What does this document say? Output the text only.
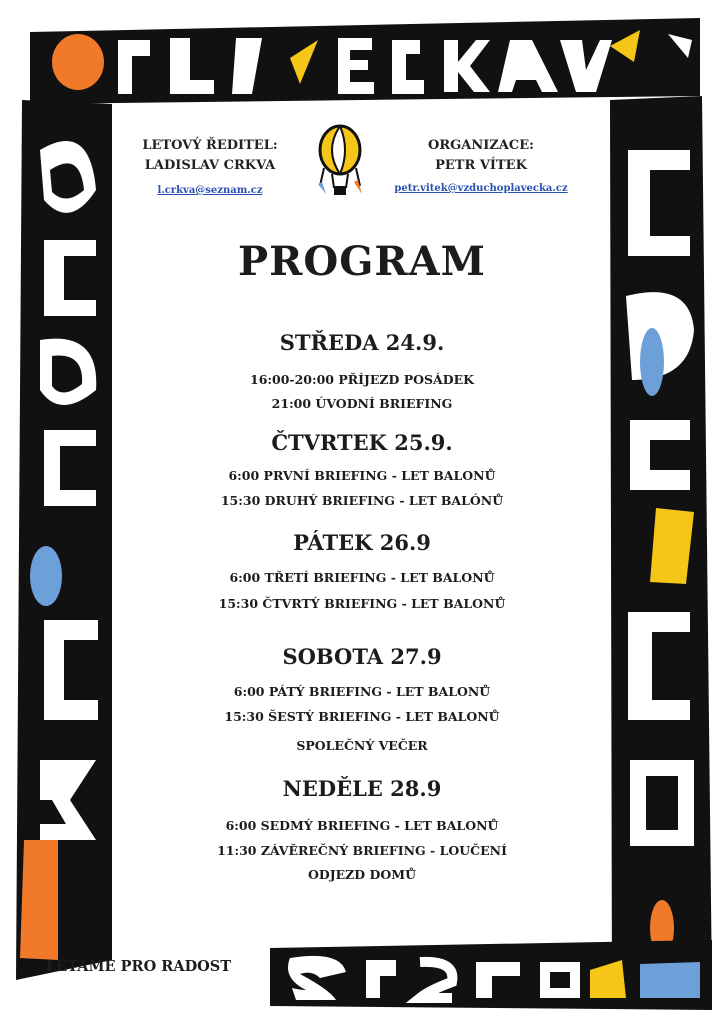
LETOVÝ ŘEDITEL:
LADISLAV CRKVA
l.crkva@seznam.cz
ORGANIZACE:
PETR VÍTEK
petr.vitek@vzduchoplavecka.cz
PROGRAM
STŘEDA 24.9.
16:00-20:00 PŘÍJEZD POSÁDEK
21:00 ÚVODNÍ BRIEFING
ČTVRTEK 25.9.
6:00 PRVNÍ BRIEFING - LET BALONŮ
15:30 DRUHÝ BRIEFING - LET BALÓNŮ
PÁTEK 26.9
6:00 TŘETÍ BRIEFING - LET BALONŮ
15:30 ČTVRTÝ BRIEFING - LET BALONŮ
SOBOTA 27.9
6:00 PÁTÝ BRIEFING - LET BALONŮ
15:30 ŠESTÝ BRIEFING - LET BALONŮ
SPOLEČNÝ VEČER
NEDĚLE 28.9
6:00 SEDMÝ BRIEFING - LET BALONŮ
11:30 ZÁVĚREČNÝ BRIEFING - LOUČENÍ
ODJEZD DOMŮ
LÉTÁME PRO RADOST
